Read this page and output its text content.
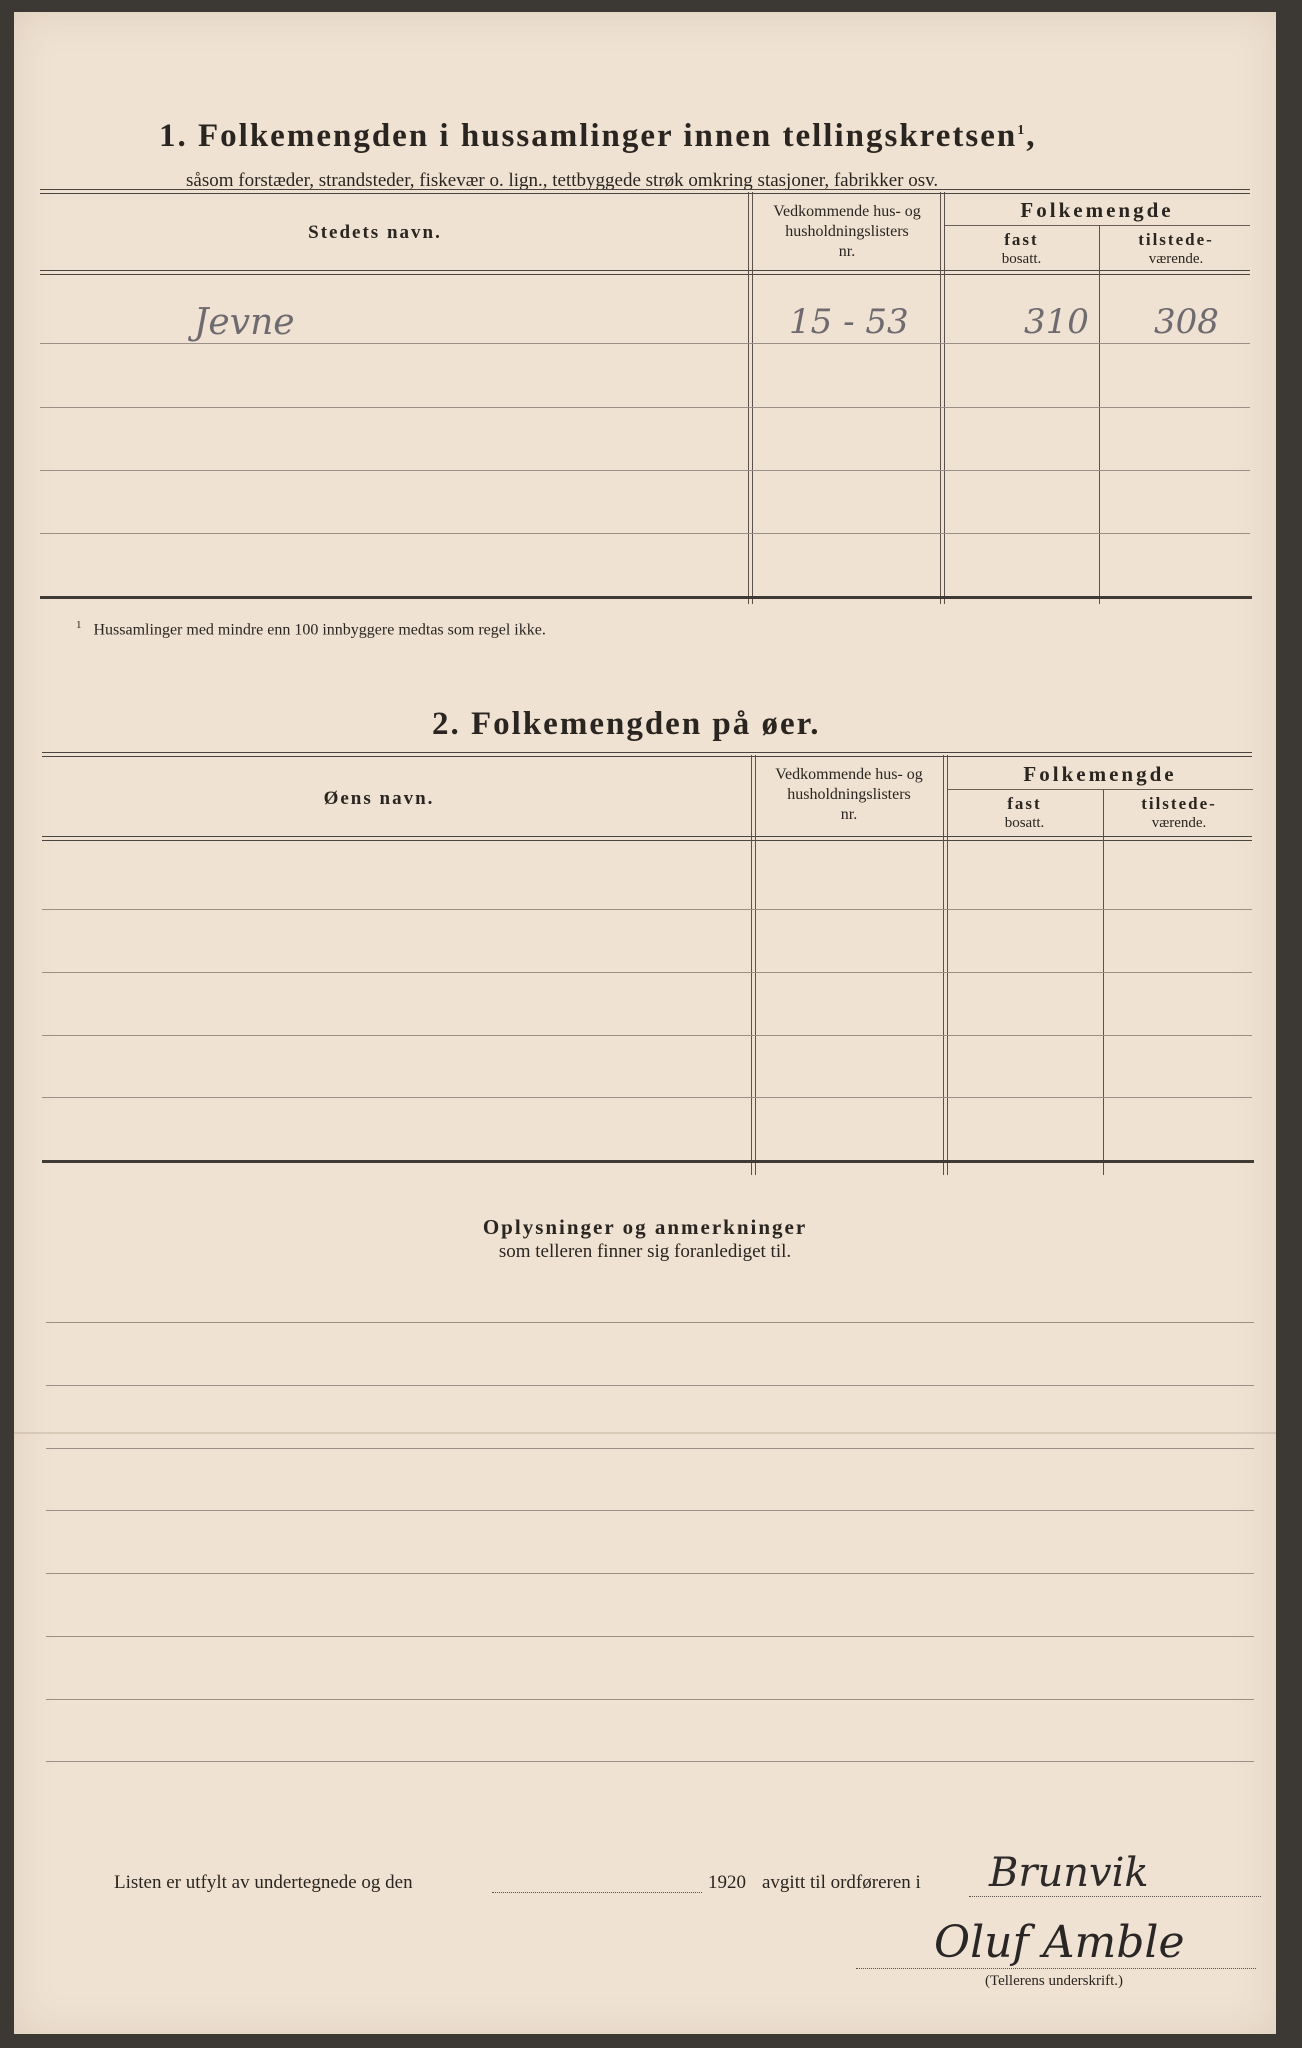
1. Folkemengden i hussamlinger innen tellingskretsen$^1$,
såsom forstæder, strandsteder, fiskevær o. lign., tettbyggede strøk omkring stasjoner, fabrikker osv.
Stedets navn.
Vedkommende hus- og
husholdningslisters
nr.
Folkemengde
fast
bosatt.
tilstede-
værende.
Jevne	15 - 53	310 308
$^1$ Hussamlinger med mindre enn 100 innbyggere medtas som regel ikke.
2. Folkemengden på øer.
Øens navn.
Vedkommende hus- og
husholdningslisters
nr.
Folkemengde
fast
bosatt.
tilstede-
værende.
Oplysninger og anmerkninger
som telleren finner sig foranlediget til.
Listen er utfylt av undertegnede og den	1920 avgitt til ordføreren i Brunvik
Oluf Amble
(Tellerens underskrift.)
